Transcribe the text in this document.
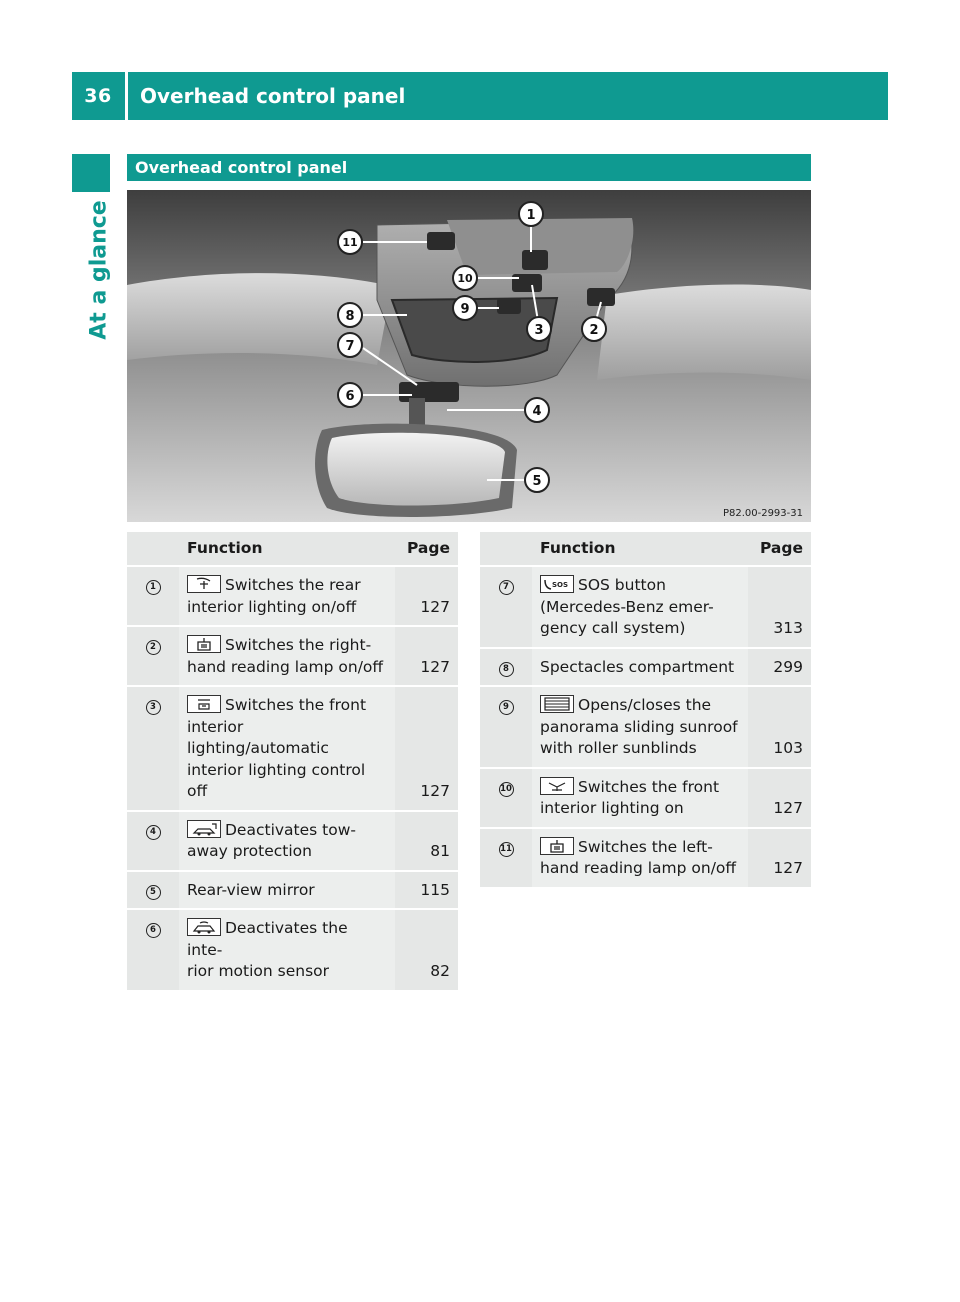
36	Overhead control panel
At a glance
Overhead control panel
1
2
3
4
5
6
7
8	9
10
11
P82.00-2993-31
	Function	Page
1	Switches the rear
interior lighting on/off	127
2	Switches the right-
hand reading lamp on/off	127
3	Switches the front
interior lighting/automatic
interior lighting control off	127
4	Deactivates tow-
away protection	81
5	Rear-view mirror	115
6	Deactivates the inte-
rior motion sensor	82
	Function	Page
7	SOS SOS button
(Mercedes-Benz emer-
gency call system)	313
8	Spectacles compartment	299
9	Opens/closes the
panorama sliding sunroof
with roller sunblinds	103
10	Switches the front
interior lighting on	127
11	Switches the left-
hand reading lamp on/off	127
